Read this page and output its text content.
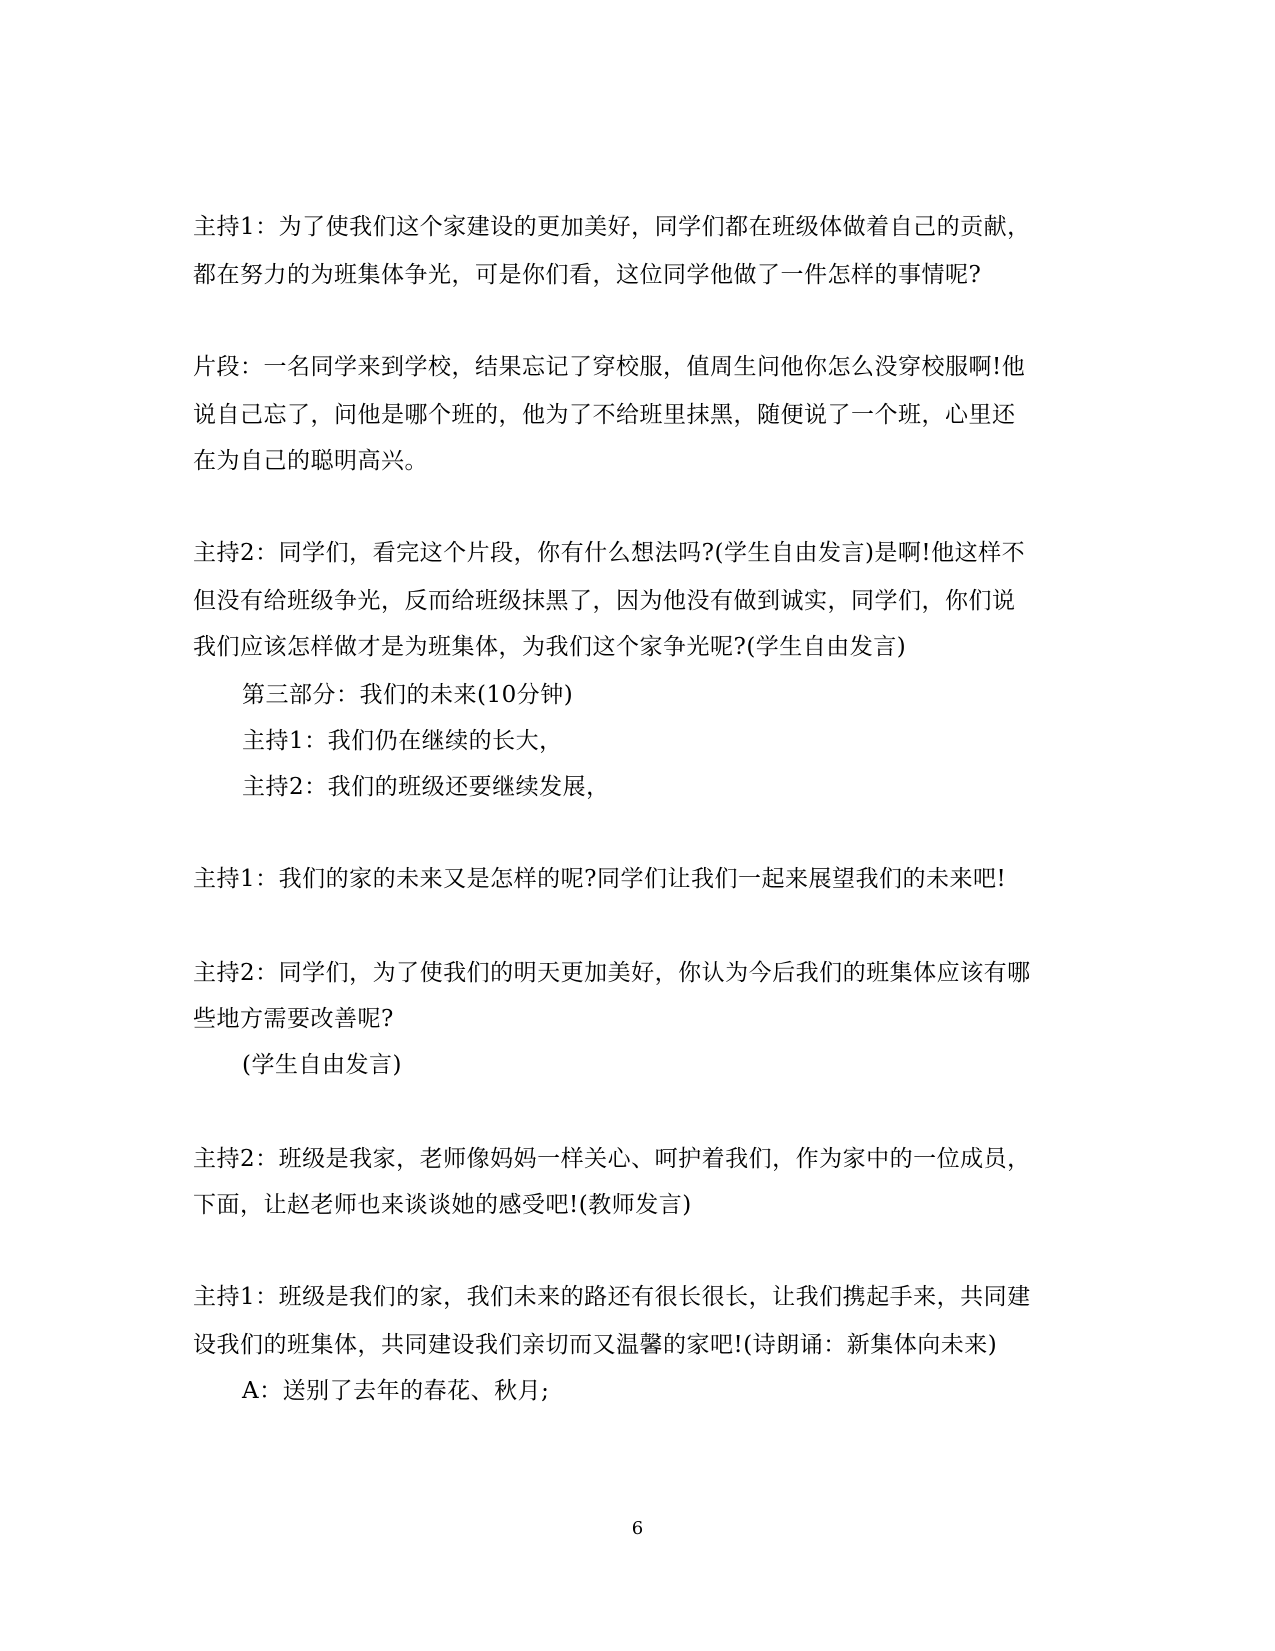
主持1：为了使我们这个家建设的更加美好，同学们都在班级体做着自己的贡献，
都在努力的为班集体争光，可是你们看，这位同学他做了一件怎样的事情呢?
片段：一名同学来到学校，结果忘记了穿校服，值周生问他你怎么没穿校服啊!他
说自己忘了，问他是哪个班的，他为了不给班里抹黑，随便说了一个班，心里还
在为自己的聪明高兴。
主持2：同学们，看完这个片段，你有什么想法吗?(学生自由发言)是啊!他这样不
但没有给班级争光，反而给班级抹黑了，因为他没有做到诚实，同学们，你们说
我们应该怎样做才是为班集体，为我们这个家争光呢?(学生自由发言)
第三部分：我们的未来(10分钟)
主持1：我们仍在继续的长大，
主持2：我们的班级还要继续发展，
主持1：我们的家的未来又是怎样的呢?同学们让我们一起来展望我们的未来吧!
主持2：同学们，为了使我们的明天更加美好，你认为今后我们的班集体应该有哪
些地方需要改善呢?
(学生自由发言)
主持2：班级是我家，老师像妈妈一样关心、呵护着我们，作为家中的一位成员，
下面，让赵老师也来谈谈她的感受吧!(教师发言)
主持1：班级是我们的家，我们未来的路还有很长很长，让我们携起手来，共同建
设我们的班集体，共同建设我们亲切而又温馨的家吧!(诗朗诵：新集体向未来)
A：送别了去年的春花、秋月;
6
